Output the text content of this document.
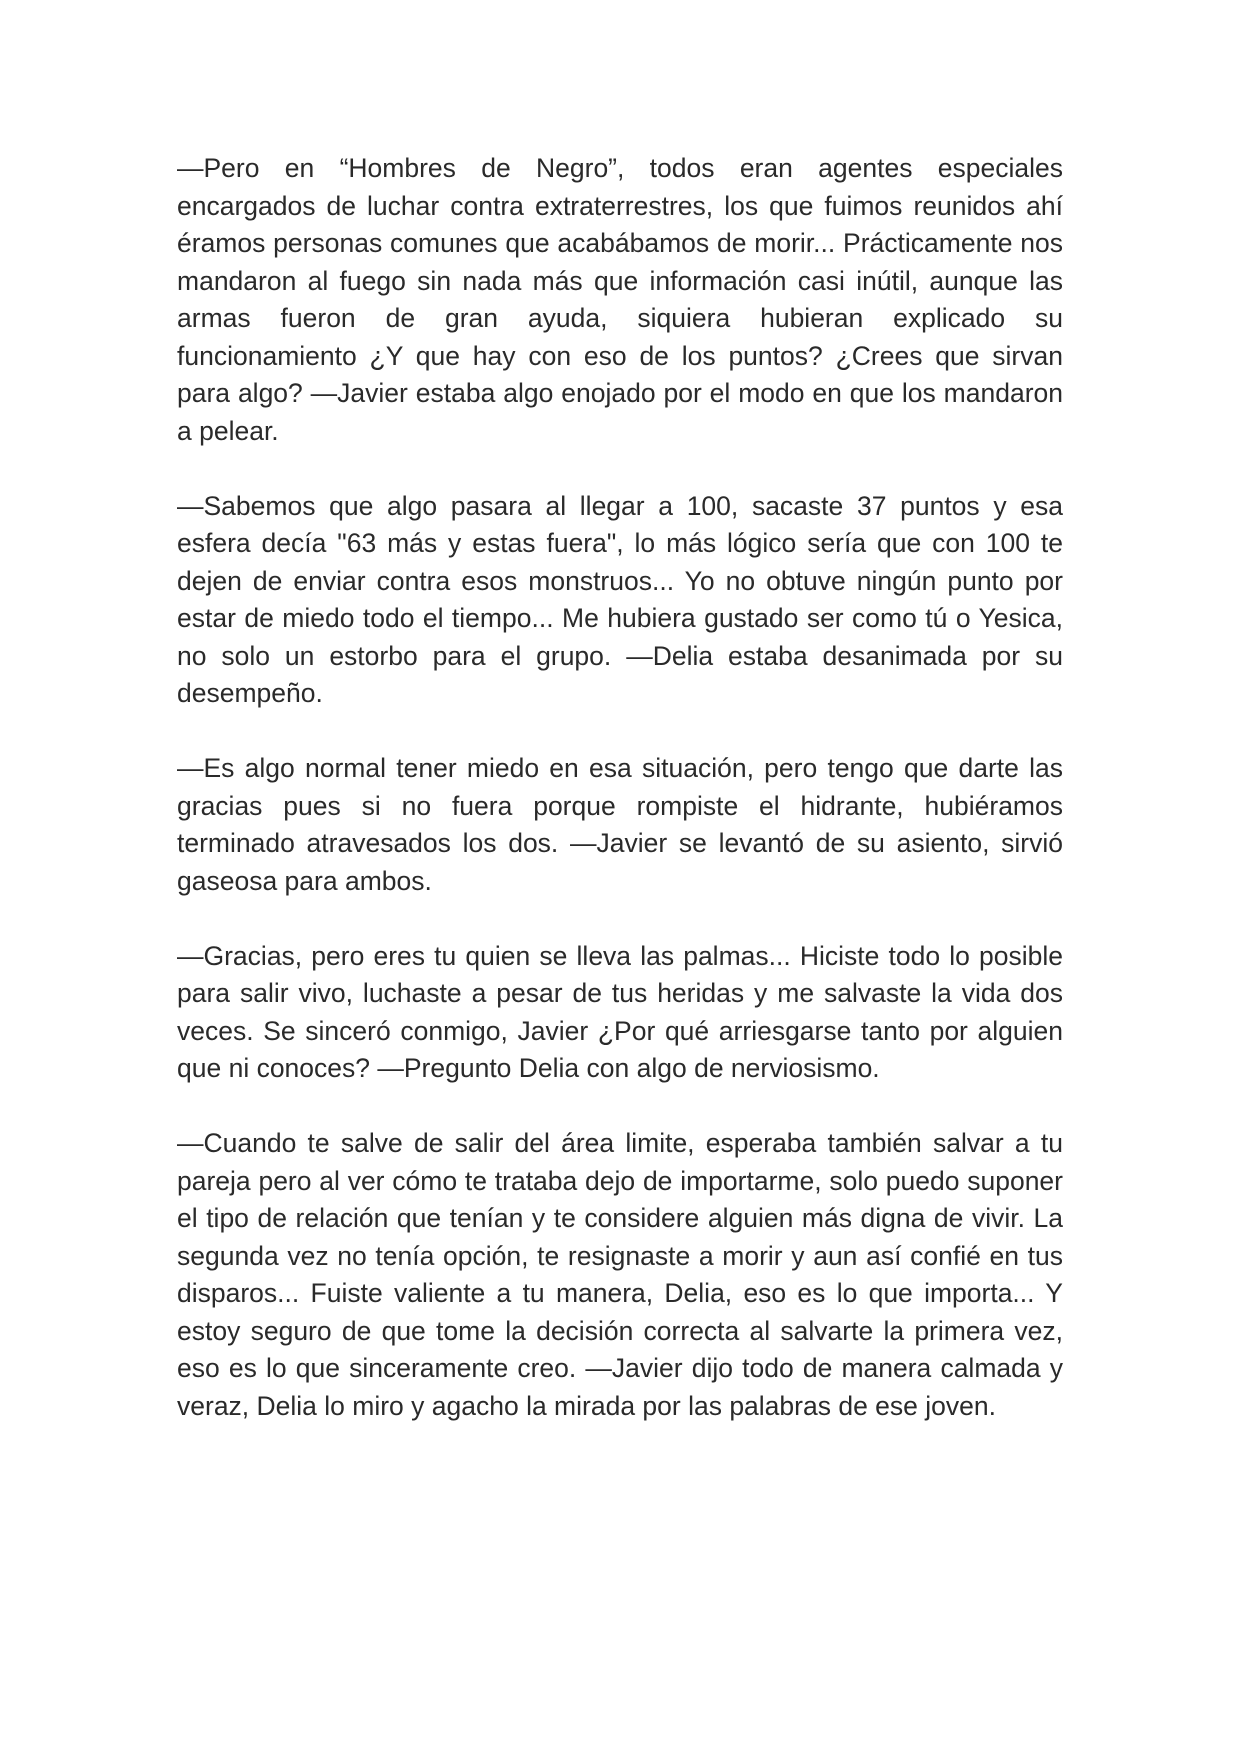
—Pero en “Hombres de Negro”, todos eran agentes especiales encargados de luchar contra extraterrestres, los que fuimos reunidos ahí éramos personas comunes que acabábamos de morir... Prácticamente nos mandaron al fuego sin nada más que información casi inútil, aunque las armas fueron de gran ayuda, siquiera hubieran explicado su funcionamiento ¿Y que hay con eso de los puntos? ¿Crees que sirvan para algo? —Javier estaba algo enojado por el modo en que los mandaron a pelear.

—Sabemos que algo pasara al llegar a 100, sacaste 37 puntos y esa esfera decía "63 más y estas fuera", lo más lógico sería que con 100 te dejen de enviar contra esos monstruos... Yo no obtuve ningún punto por estar de miedo todo el tiempo... Me hubiera gustado ser como tú o Yesica, no solo un estorbo para el grupo. —Delia estaba desanimada por su desempeño.

—Es algo normal tener miedo en esa situación, pero tengo que darte las gracias pues si no fuera porque rompiste el hidrante, hubiéramos terminado atravesados los dos. —Javier se levantó de su asiento, sirvió gaseosa para ambos.

—Gracias, pero eres tu quien se lleva las palmas... Hiciste todo lo posible para salir vivo, luchaste a pesar de tus heridas y me salvaste la vida dos veces. Se sinceró conmigo, Javier ¿Por qué arriesgarse tanto por alguien que ni conoces? —Pregunto Delia con algo de nerviosismo.

—Cuando te salve de salir del área limite, esperaba también salvar a tu pareja pero al ver cómo te trataba dejo de importarme, solo puedo suponer el tipo de relación que tenían y te considere alguien más digna de vivir. La segunda vez no tenía opción, te resignaste a morir y aun así confié en tus disparos... Fuiste valiente a tu manera, Delia, eso es lo que importa... Y estoy seguro de que tome la decisión correcta al salvarte la primera vez, eso es lo que sinceramente creo. —Javier dijo todo de manera calmada y veraz, Delia lo miro y agacho la mirada por las palabras de ese joven.
